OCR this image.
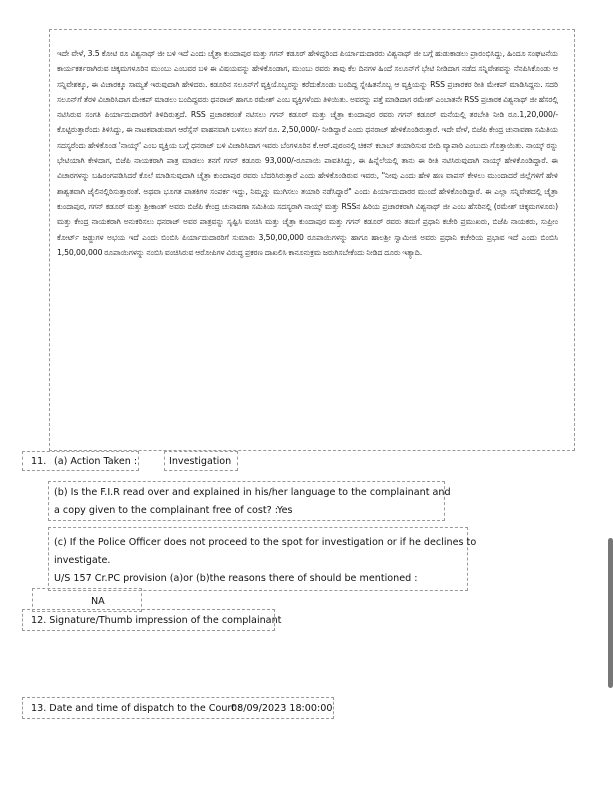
ಇದೇ ವೇಳೆ, 3.5 ಕೋಟಿ ರೂ ವಿಶ್ವನಾಥ್ ಜೀ ಬಳಿ ಇದೆ ಎಂದು ಚೈತ್ರಾ ಕುಂದಾಪುರ ಮತ್ತು ಗಗನ್ ಕಡೂರ್ ಹೇಳಿದ್ದರಿಂದ ಪಿರ್ಯಾದುದಾರರು ವಿಶ್ವನಾಥ್ ಜೀ ಬಗ್ಗೆ ಹುಡುಕಾಡಲು ಪ್ರಾರಂಭಿಸಿದ್ದು, ಹಿಂದೂ ಸಂಘಟನೆಯ ಕಾರ್ಯಕರ್ತರಾಗಿರುವ ಚಿಕ್ಕಮಗಳೂರಿನ ಮುಂಬು ಎಂಬವರ ಬಳಿ ಈ ವಿಷಯವನ್ನು ಹೇಳಿಕೊಂಡಾಗ, ಮುಂಬು ರವರು ತಾವು ಕೆಲ ದಿನಗಳ ಹಿಂದೆ ಸಲೂನ್‌ಗೆ ಭೇಟಿ ನೀಡಿದಾಗ ನಡೆದ ಸನ್ನಿವೇಶವನ್ನು ನೆನಪಿಸಿಕೊಂಡು ಆ ಸನ್ನಿವೇಶಕ್ಕೂ, ಈ ವಿಚಾರಕ್ಕೂ ಸಾಮ್ಯತೆ ಇರುವುದಾಗಿ ಹೇಳಿದರು. ಕಡೂರಿನ ಸಲೂನ್‌ಗೆ ವ್ಯಕ್ತಿಯೊಬ್ಬರನ್ನು ಕರೆದುಕೊಂಡು ಬಂದಿದ್ದ ಸ್ನೇಹಿತನೊಬ್ಬ ಆ ವ್ಯಕ್ತಿಯನ್ನು RSS ಪ್ರಚಾರಕರ ರೀತಿ ಮೇಕಪ್ ಮಾಡಿಸಿದ್ದನು. ಸದರಿ ಸಲೂನ್‌ಗೆ ತೆರಳಿ ವಿಚಾರಿಸಿದಾಗ ಮೇಕಪ್ ಮಾಡಲು ಬಂದಿದ್ದವರು ಧನರಾಜ್ ಹಾಗೂ ರಮೇಶ್ ಎಂಬ ವ್ಯಕ್ತಿಗಳೆಂದು ತಿಳಿಯಿತು. ಅವರನ್ನು ಪತ್ತೆ ಮಾಡಿದಾಗ ರಮೇಶ್ ಎಂಬಾತನೇ RSS ಪ್ರಚಾರಕ ವಿಶ್ವನಾಥ್ ಜೀ ಹೆಸರಲ್ಲಿ ನಟಿಸಿರುವ ಸಂಗತಿ ಪಿರ್ಯಾದುದಾರರಿಗೆ ತಿಳಿದಿರುತ್ತದೆ. RSS ಪ್ರಚಾರಕರಂತೆ ನಟಿಸಲು ಗಗನ್ ಕಡೂರ್ ಮತ್ತು ಚೈತ್ರಾ ಕುಂದಾಪುರ ರವರು ಗಗನ್ ಕಡೂರ್ ಮನೆಯಲ್ಲಿ ತರಬೇತಿ ನೀಡಿ ರೂ.1,20,000/- ಕೊಟ್ಟಿರುತ್ತಾರೆಂದು ತಿಳಿಸಿದ್ದು, ಈ ನಾಟಕವಾಡುವಾಗ ಆರೆಸ್ಸೆಸ್ ವಾಹನವಾಗಿ ಬಳಸಲು ತನಗೆ ರೂ. 2,50,000/- ನೀಡಿದ್ದಾರೆ ಎಂದು ಧನರಾಜ್ ಹೇಳಿಕೊಂಡಿರುತ್ತಾರೆ. ಇದೇ ವೇಳೆ, ಬಿಜೆಪಿ ಕೇಂದ್ರ ಚುನಾವಣಾ ಸಮಿತಿಯ ಸದಸ್ಯರೆಂದು ಹೇಳಿಕೊಂಡ 'ನಾಯ್ಕ್' ಎಂಬ ವ್ಯಕ್ತಿಯ ಬಗ್ಗೆ ಧನರಾಜ್ ಬಳಿ ವಿಚಾರಿಸಿದಾಗ ಇವರು ಬೆಂಗಳೂರಿನ ಕೆ.ಆರ್.ಪುರಂನಲ್ಲಿ ಚಿಕನ್ ಕಬಾಬ್ ತಯಾರಿಸುವ ಬೀದಿ ವ್ಯಾಪಾರಿ ಎಂಬುದು ಗೊತ್ತಾಯಿತು. ನಾಯ್ಕ್ ರನ್ನು ಭೇಟಿಯಾಗಿ ಕೇಳಿದಾಗ, ಬಿಜೆಪಿ ನಾಯಕರಾಗಿ ಪಾತ್ರ ಮಾಡಲು ತನಗೆ ಗಗನ್ ಕಡೂರು 93,000/-ರೂಪಾಯಿ ಪಾವತಿಸಿದ್ದು, ಈ ಹಿನ್ನೆಲೆಯಲ್ಲಿ ತಾನು ಈ ರೀತಿ ನಟಿಸಿರುವುದಾಗಿ ನಾಯ್ಕ್ ಹೇಳಿಕೊಂಡಿದ್ದಾರೆ. ಈ ವಿಚಾರಗಳನ್ನು ಬಹಿರಂಗಪಡಿಸಿದರೆ ಕೊಲೆ ಮಾಡಿಸುವುದಾಗಿ ಚೈತ್ರಾ ಕುಂದಾಪುರ ರವರು ಬೆದರಿಸಿರುತ್ತಾರೆ ಎಂದು ಹೇಳಿಕೊಂಡಿರುವ ಇವರು, "ನೀವು ಎಂದು ಹೇಳಿ ಹಣ ವಾಪಸ್ ಕೇಳಲು ಮುಂದಾದರೆ ಜಿಲ್ಲೆಗಳಿಗೆ ಹೇಳಿ ಶಾಶ್ವತವಾಗಿ ಜೈಲಿನಲ್ಲಿರಿಸುತ್ತಾರಂತೆ. ಅಥವಾ ಭೂಗತ ಪಾತಕಿಗಳ ಸಂಪರ್ಕ ಇದ್ದು, ನಿಮ್ಮನ್ನು ಮುಗಿಸಲು ತಯಾರಿ ನಡೆಸಿದ್ದಾರೆ" ಎಂದು ಪಿರ್ಯಾದುದಾರರ ಮುಂದೆ ಹೇಳಿಕೊಂಡಿದ್ದಾರೆ. ಈ ಎಲ್ಲಾ ಸನ್ನಿವೇಶದಲ್ಲಿ ಚೈತ್ರಾ ಕುಂದಾಪುರ, ಗಗನ್ ಕಡೂರ್ ಮತ್ತು ಶ್ರೀಕಾಂತ್ ಅವರು ಬಿಜೆಪಿ ಕೇಂದ್ರ ಚುನಾವಣಾ ಸಮಿತಿಯ ಸದಸ್ಯರಾಗಿ ನಾಯ್ಕ್ ಮತ್ತು RSSನ ಹಿರಿಯ ಪ್ರಚಾರಕರಾಗಿ ವಿಶ್ವನಾಥ್ ಜೀ ಎಂಬ ಹೆಸರಿನಲ್ಲಿ (ರಮೇಶ್ ಚಿಕ್ಕಮಗಳೂರು) ಮತ್ತು ಕೇಂದ್ರ ನಾಯಕರಾಗಿ ಅನುಕರಿಸಲು ಧನರಾಜ್ ಅವರ ಪಾತ್ರವನ್ನು ಸೃಷ್ಟಿಸಿ ವಂಚಿಸಿ ಮತ್ತು ಚೈತ್ರಾ ಕುಂದಾಪುರ ಮತ್ತು ಗಗನ್ ಕಡೂರ್ ರವರು ತಮಗೆ ಪ್ರಧಾನಿ ಕಚೇರಿ ಪ್ರಮುಖರು, ಬಿಜೆಪಿ ನಾಯಕರು, ಸುಪ್ರೀಂ ಕೋರ್ಟ್ ಜಡ್ಜುಗಳ ಅಭಯ ಇದೆ ಎಂದು ಬಿಂಬಿಸಿ ಪಿರ್ಯಾದುದಾರರಿಗೆ ಸುಮಾರು 3,50,00,000 ರೂಪಾಯಿಗಳನ್ನು ಹಾಗೂ ಹಾಲಶ್ರೀ ಸ್ವಾಮೀಜಿ ಅವರು ಪ್ರಧಾನಿ ಕಚೇರಿಯ ಪ್ರಭಾವ ಇದೆ ಎಂದು ಬಿಂಬಿಸಿ 1,50,00,000 ರೂಪಾಯಿಗಳನ್ನು ನಂಬಿಸಿ ವಂಚಿಸಿರುವ ಆರೋಪಿಗಳ ವಿರುದ್ಧ ಪ್ರಕರಣ ದಾಖಲಿಸಿ ಕಾನೂನುಕ್ರಮ ಜರುಗಿಸಬೇಕೆಂದು ನೀಡಿದ ದೂರು ಇತ್ಯಾದಿ.

11. (a) Action Taken :	Investigation
(b) Is the F.I.R read over and explained in his/her language to the complainant and
a copy given to the complainant free of cost? :
Yes
(c) If the Police Officer does not proceed to the spot for investigation or if he declines to
investigate.
U/S 157 Cr.PC provision (a)or (b)the reasons there of should be mentioned :
NA
12. Signature/Thumb impression of the complainant
13. Date and time of dispatch to the Court :
08/09/2023 18:00:00
